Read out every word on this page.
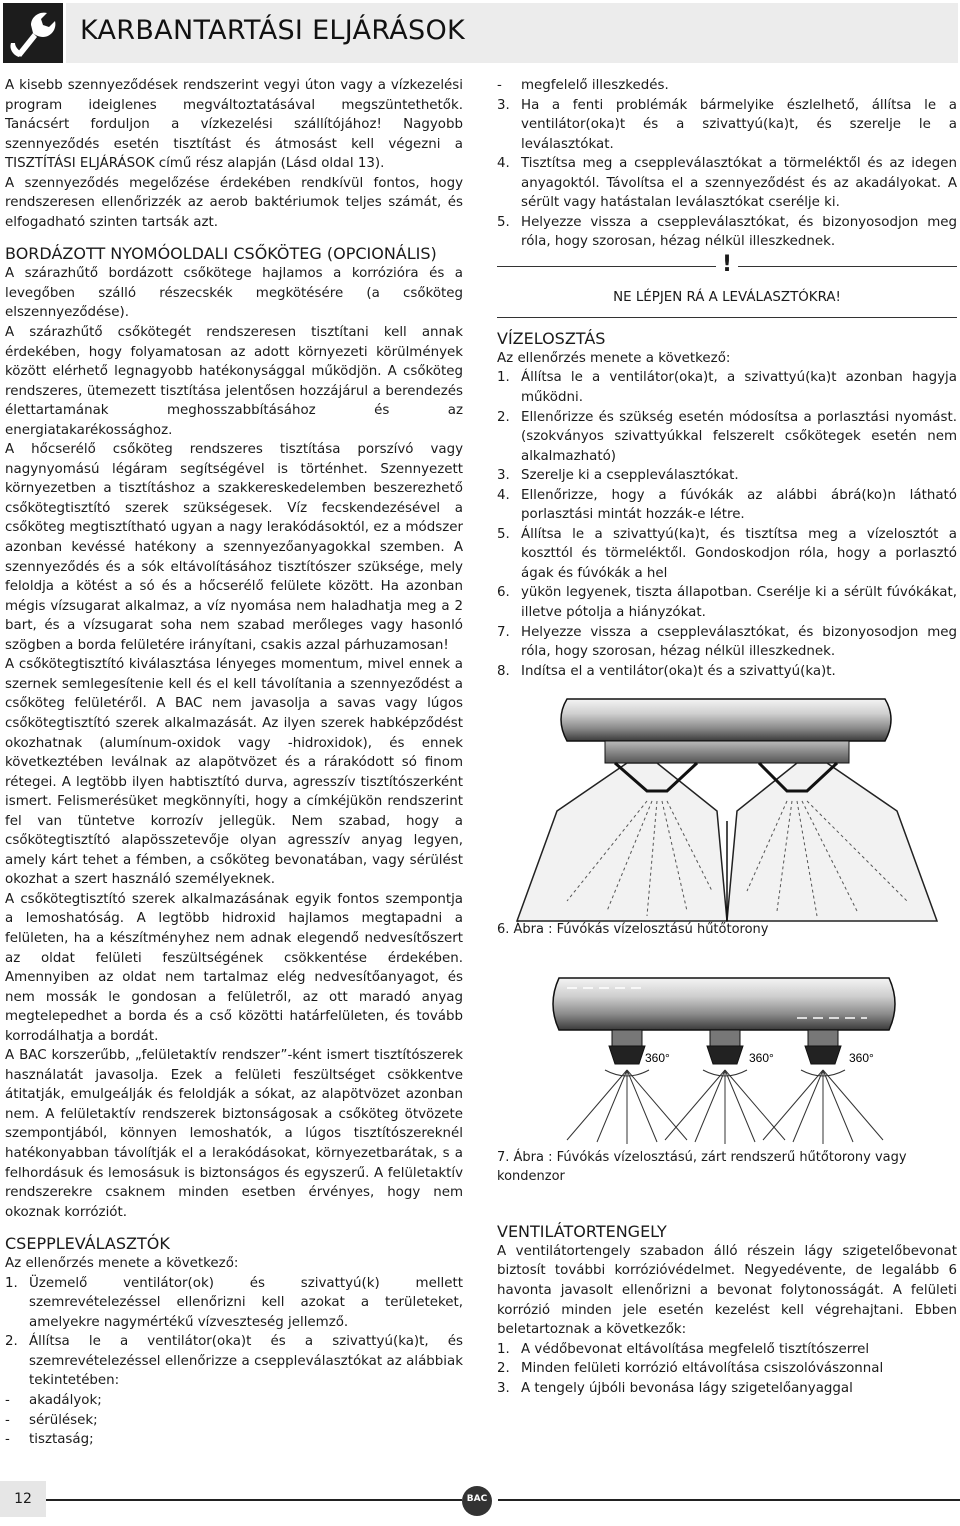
KARBANTARTÁSI ELJÁRÁSOK

A kisebb szennyeződések rendszerint vegyi úton vagy a vízkezelési program ideiglenes megváltoztatásával megszüntethetők. Tanácsért forduljon a vízkezelési szállítójához! Nagyobb szennyeződés esetén tisztítást és átmosást kell végezni a TISZTÍTÁSI ELJÁRÁSOK című rész alapján (Lásd oldal 13).

A szennyeződés megelőzése érdekében rendkívül fontos, hogy rendszeresen ellenőrizzék az aerob baktériumok teljes számát, és elfogadható szinten tartsák azt.

BORDÁZOTT NYOMÓOLDALI CSŐKÖTEG (OPCIONÁLIS)

A szárazhűtő bordázott csőkötege hajlamos a korrózióra és a levegőben szálló részecskék megkötésére (a csőköteg elszennyeződése).

A szárazhűtő csőkötegét rendszeresen tisztítani kell annak érdekében, hogy folyamatosan az adott környezeti körülmények között elérhető legnagyobb hatékonysággal működjön. A csőköteg rendszeres, ütemezett tisztítása jelentősen hozzájárul a berendezés élettartamának meghosszabbításához és az energiatakarékossághoz.

A hőcserélő csőköteg rendszeres tisztítása porszívó vagy nagynyomású légáram segítségével is történhet. Szennyezett környezetben a tisztításhoz a szakkereskedelemben beszerezhető csőkötegtisztító szerek szükségesek. Víz fecskendezésével a csőköteg megtisztítható ugyan a nagy lerakódásoktól, ez a módszer azonban kevéssé hatékony a szennyezőanyagokkal szemben. A szennyeződés és a sók eltávolításához tisztítószer szüksége, mely feloldja a kötést a só és a hőcserélő felülete között. Ha azonban mégis vízsugarat alkalmaz, a víz nyomása nem haladhatja meg a 2 bart, és a vízsugarat soha nem szabad merőleges vagy hasonló szögben a borda felületére irányítani, csakis azzal párhuzamosan!

A csőkötegtisztító kiválasztása lényeges momentum, mivel ennek a szernek semlegesítenie kell és el kell távolítania a szennyeződést a csőköteg felületéről. A BAC nem javasolja a savas vagy lúgos csőkötegtisztító szerek alkalmazását. Az ilyen szerek habképződést okozhatnak (alumínum-oxidok vagy -hidroxidok), és ennek következtében leválnak az alapötvözet és a rárakódott só finom rétegei. A legtöbb ilyen habtisztító durva, agresszív tisztítószerként ismert. Felismerésüket megkönnyíti, hogy a címkéjükön rendszerint fel van tüntetve korrozív jellegük. Nem szabad, hogy a csőkötegtisztító alapösszetevője olyan agresszív anyag legyen, amely kárt tehet a fémben, a csőköteg bevonatában, vagy sérülést okozhat a szert használó személyeknek.

A csőkötegtisztító szerek alkalmazásának egyik fontos szempontja a lemoshatóság. A legtöbb hidroxid hajlamos megtapadni a felületen, ha a készítményhez nem adnak elegendő nedvesítőszert az oldat felületi feszültségének csökkentése érdekében. Amennyiben az oldat nem tartalmaz elég nedvesítőanyagot, és nem mossák le gondosan a felületről, az ott maradó anyag megtelepedhet a borda és a cső közötti határfelületen, és tovább korrodálhatja a bordát.

A BAC korszerűbb, „felületaktív rendszer”-ként ismert tisztítószerek használatát javasolja. Ezek a felületi feszültséget csökkentve átitatják, emulgeálják és feloldják a sókat, az alapötvözet azonban nem. A felületaktív rendszerek biztonságosak a csőköteg ötvözete szempontjából, könnyen lemoshatók, a lúgos tisztítószereknél hatékonyabban távolítják el a lerakódásokat, környezetbarátak, s a felhordásuk és lemosásuk is biztonságos és egyszerű. A felületaktív rendszerekre csaknem minden esetben érvényes, hogy nem okoznak korróziót.

CSEPPLEVÁLASZTÓK

Az ellenőrzés menete a következő:

1. Üzemelő ventilátor(ok) és szivattyú(k) mellett szemrevételezéssel ellenőrizni kell azokat a területeket, amelyekre nagymértékű vízveszteség jellemző.
2. Állítsa le a ventilátor(oka)t és a szivattyú(ka)t, és szemrevételezéssel ellenőrizze a cseppleválasztókat az alábbiak tekintetében:
- akadályok;
- sérülések;
- tisztaság;
- megfelelő illeszkedés.
3. Ha a fenti problémák bármelyike észlelhető, állítsa le a ventilátor(oka)t és a szivattyú(ka)t, és szerelje le a leválasztókat.
4. Tisztítsa meg a cseppleválasztókat a törmeléktől és az idegen anyagoktól. Távolítsa el a szennyeződést és az akadályokat. A sérült vagy hatástalan leválasztókat cserélje ki.
5. Helyezze vissza a cseppleválasztókat, és bizonyosodjon meg róla, hogy szorosan, hézag nélkül illeszkednek.
!
NE LÉPJEN RÁ A LEVÁLASZTÓKRA!
VÍZELOSZTÁS

Az ellenőrzés menete a következő:

1. Állítsa le a ventilátor(oka)t, a szivattyú(ka)t azonban hagyja működni.
2. Ellenőrizze és szükség esetén módosítsa a porlasztási nyomást. (szokványos szivattyúkkal felszerelt csőkötegek esetén nem alkalmazható)
3. Szerelje ki a cseppleválasztókat.
4. Ellenőrizze, hogy a fúvókák az alábbi ábrá(ko)n látható porlasztási mintát hozzák-e létre.
5. Állítsa le a szivattyú(ka)t, és tisztítsa meg a vízelosztót a koszttól és törmeléktől. Gondoskodjon róla, hogy a porlasztó ágak és fúvókák a hel
6. yükön legyenek, tiszta állapotban. Cserélje ki a sérült fúvókákat, illetve pótolja a hiányzókat.
7. Helyezze vissza a cseppleválasztókat, és bizonyosodjon meg róla, hogy szorosan, hézag nélkül illeszkednek.
8. Indítsa el a ventilátor(oka)t és a szivattyú(ka)t.

6. Ábra : Fúvókás vízelosztású hűtőtorony

360°	360°	360°

7. Ábra : Fúvókás vízelosztású, zárt rendszerű hűtőtorony vagy kondenzor

VENTILÁTORTENGELY

A ventilátortengely szabadon álló részein lágy szigetelőbevonat biztosít további korrózióvédelmet. Negyedévente, de legalább 6 havonta javasolt ellenőrizni a bevonat folytonosságát. A felületi korrózió minden jele esetén kezelést kell végrehajtani. Ebben beletartoznak a következők:

1. A védőbevonat eltávolítása megfelelő tisztítószerrel
2. Minden felületi korrózió eltávolítása csiszolóvászonnal
3. A tengely újbóli bevonása lágy szigetelőanyaggal
12	BAC
